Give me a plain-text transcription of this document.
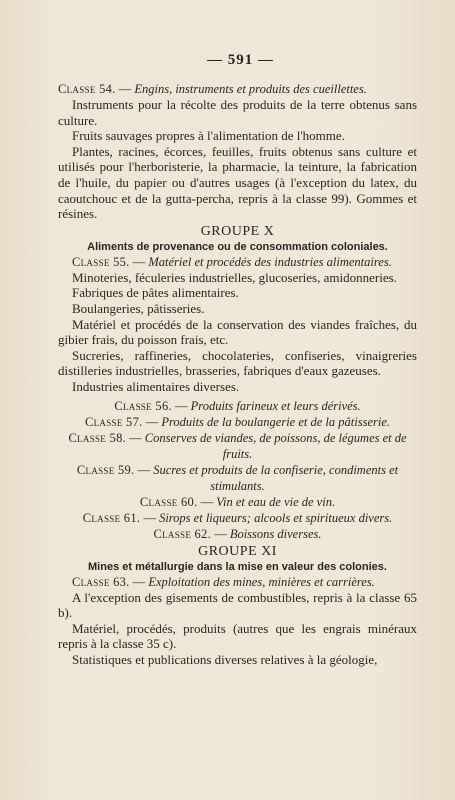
— 591 —

Classe 54. — Engins, instruments et produits des cueillettes.

Instruments pour la récolte des produits de la terre obtenus sans culture.

Fruits sauvages propres à l'alimentation de l'homme.

Plantes, racines, écorces, feuilles, fruits obtenus sans culture et utilisés pour l'herboristerie, la pharmacie, la teinture, la fabrication de l'huile, du papier ou d'autres usages (à l'exception du latex, du caoutchouc et de la gutta-percha, repris à la classe 99). Gommes et résines.

GROUPE X
Aliments de provenance ou de consommation coloniales.

Classe 55. — Matériel et procédés des industries alimentaires.

Minoteries, féculeries industrielles, glucoseries, amidonneries.

Fabriques de pâtes alimentaires.

Boulangeries, pâtisseries.

Matériel et procédés de la conservation des viandes fraîches, du gibier frais, du poisson frais, etc.

Sucreries, raffineries, chocolateries, confiseries, vinaigreries distilleries industrielles, brasseries, fabriques d'eaux gazeuses.

Industries alimentaires diverses.

Classe 56. — Produits farineux et leurs dérivés.

Classe 57. — Produits de la boulangerie et de la pâtisserie.

Classe 58. — Conserves de viandes, de poissons, de légumes et de fruits.

Classe 59. — Sucres et produits de la confiserie, condiments et stimulants.

Classe 60. — Vin et eau de vie de vin.

Classe 61. — Sirops et liqueurs; alcools et spiritueux divers.

Classe 62. — Boissons diverses.

GROUPE XI
Mines et métallurgie dans la mise en valeur des colonies.

Classe 63. — Exploitation des mines, minières et carrières.

A l'exception des gisements de combustibles, repris à la classe 65 b).

Matériel, procédés, produits (autres que les engrais minéraux repris à la classe 35 c).

Statistiques et publications diverses relatives à la géologie,
